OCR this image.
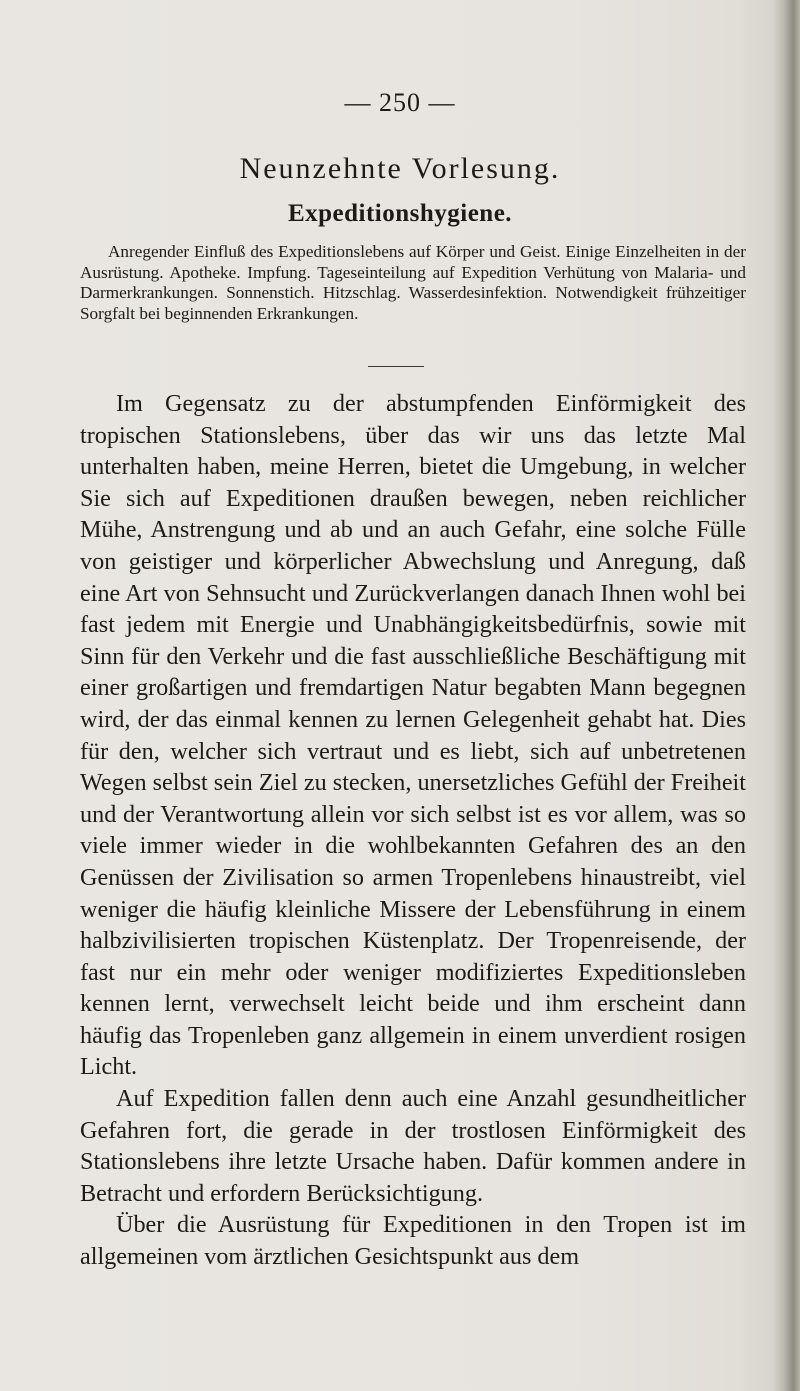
— 250 —
Neunzehnte Vorlesung.
Expeditionshygiene.
Anregender Einfluß des Expeditionslebens auf Körper und Geist. Einige Einzelheiten in der Ausrüstung. Apotheke. Impfung. Tageseinteilung auf Expedition Verhütung von Malaria- und Darmerkrankungen. Sonnenstich. Hitzschlag. Wasserdesinfektion. Notwendigkeit frühzeitiger Sorgfalt bei beginnenden Erkrankungen.

Im Gegensatz zu der abstumpfenden Einförmigkeit des tropischen Stationslebens, über das wir uns das letzte Mal unterhalten haben, meine Herren, bietet die Umgebung, in welcher Sie sich auf Expeditionen draußen bewegen, neben reichlicher Mühe, Anstrengung und ab und an auch Gefahr, eine solche Fülle von geistiger und körperlicher Abwechslung und Anregung, daß eine Art von Sehnsucht und Zurückverlangen danach Ihnen wohl bei fast jedem mit Energie und Unabhängigkeitsbedürfnis, sowie mit Sinn für den Verkehr und die fast ausschließliche Beschäftigung mit einer großartigen und fremdartigen Natur begabten Mann begegnen wird, der das einmal kennen zu lernen Gelegenheit gehabt hat. Dies für den, welcher sich vertraut und es liebt, sich auf unbetretenen Wegen selbst sein Ziel zu stecken, unersetzliches Gefühl der Freiheit und der Verantwortung allein vor sich selbst ist es vor allem, was so viele immer wieder in die wohlbekannten Gefahren des an den Genüssen der Zivilisation so armen Tropenlebens hinaustreibt, viel weniger die häufig kleinliche Missere der Lebensführung in einem halbzivilisierten tropischen Küstenplatz. Der Tropenreisende, der fast nur ein mehr oder weniger modifiziertes Expeditionsleben kennen lernt, verwechselt leicht beide und ihm erscheint dann häufig das Tropenleben ganz allgemein in einem unverdient rosigen Licht.

Auf Expedition fallen denn auch eine Anzahl gesundheitlicher Gefahren fort, die gerade in der trostlosen Einförmigkeit des Stationslebens ihre letzte Ursache haben. Dafür kommen andere in Betracht und erfordern Berücksichtigung.

Über die Ausrüstung für Expeditionen in den Tropen ist im allgemeinen vom ärztlichen Gesichtspunkt aus dem
